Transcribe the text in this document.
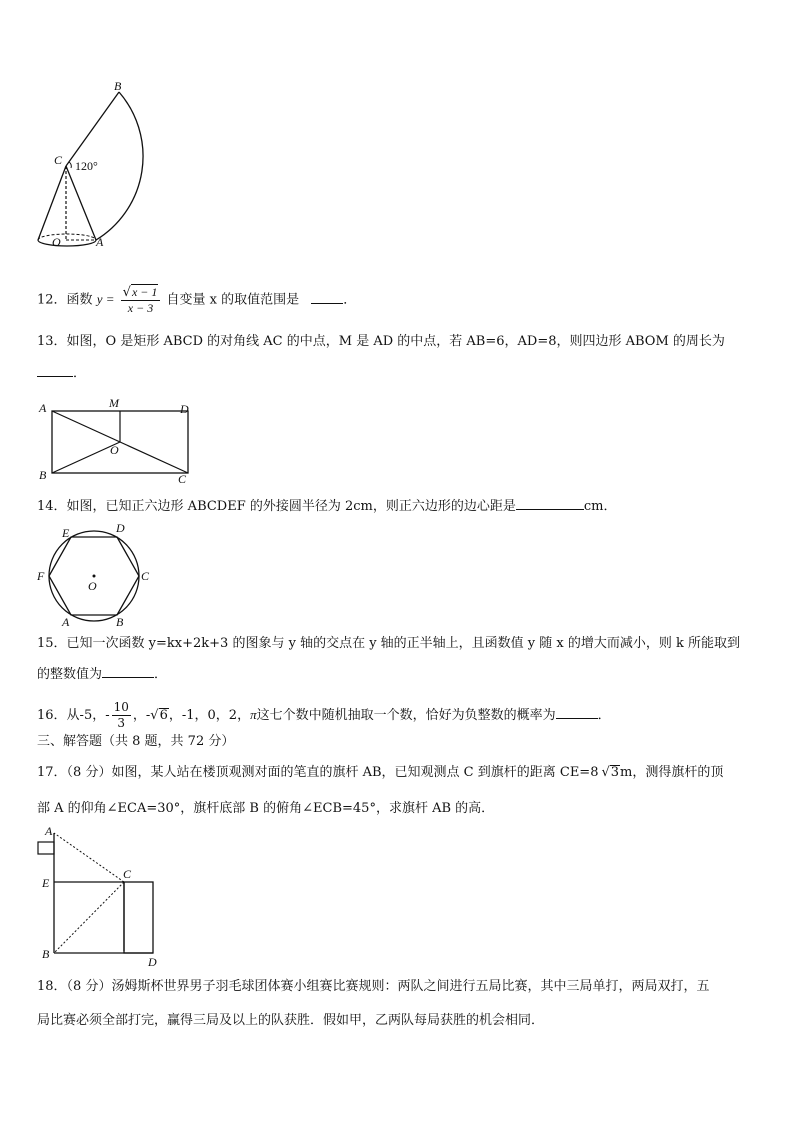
B
C 120°
O	A
12．函数 $y = \frac{√x - 1}{x - 3}$ 自变量 x 的取值范围是	．
13．如图，O 是矩形 ABCD 的对角线 AC 的中点，M 是 AD 的中点，若 AB=6，AD=8，则四边形 ABOM 的周长为
．
A	M	D
O
B	C
14．如图，已知正六边形 ABCDEF 的外接圆半径为 2cm，则正六边形的边心距是	cm．
E	D
F
O
C
A	B
15．已知一次函数 y=kx+2k+3 的图象与 y 轴的交点在 y 轴的正半轴上，且函数值 y 随 x 的增大而减小，则 k 所能取到
的整数值为	．
16．从-5，- $\frac{10}{3}$ ，-√6，-1，0，2，π这七个数中随机抽取一个数，恰好为负整数的概率为	．
三、解答题（共 8 题，共 72 分）
17．（8 分）如图，某人站在楼顶观测对面的笔直的旗杆 AB，已知观测点 C 到旗杆的距离 CE=8 √3m，测得旗杆的顶
部 A 的仰角∠ECA=30°，旗杆底部 B 的俯角∠ECB=45°，求旗杆 AB 的高．
A
E
C
B
D
18．（8 分）汤姆斯杯世界男子羽毛球团体赛小组赛比赛规则：两队之间进行五局比赛，其中三局单打，两局双打，五
局比赛必须全部打完，赢得三局及以上的队获胜．假如甲，乙两队每局获胜的机会相同．
